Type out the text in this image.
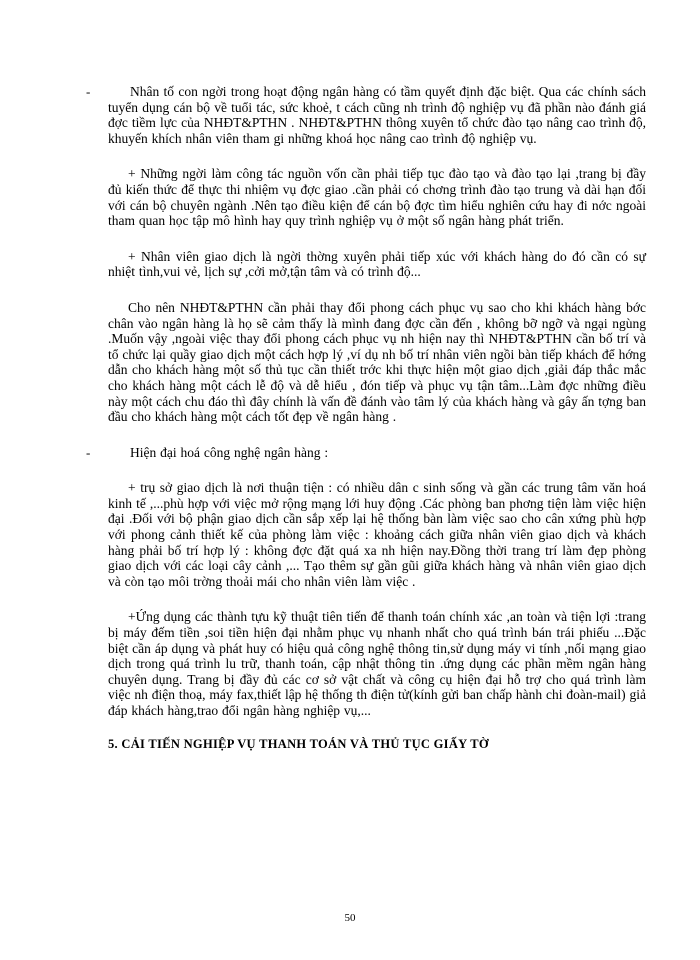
-	Nhân tố con ngời trong hoạt động ngân hàng có tầm quyết định đặc biệt. Qua các chính sách tuyển dụng cán bộ về tuổi tác, sức khoẻ, t cách cũng nh trình độ nghiệp vụ đã phần nào đánh giá đợc tiềm lực của NHĐT&PTHN . NHĐT&PTHN thông xuyên tổ chức đào tạo nâng cao trình độ, khuyến khích nhân viên tham gi những khoá học nâng cao trình độ nghiệp vụ.

+ Những ngời làm công tác nguồn vốn cần phải tiếp tục đào tạo và đào tạo lại ,trang bị đầy đủ kiến thức để thực thi nhiệm vụ đợc giao .cần phải có chơng trình đào tạo trung và dài hạn đối với cán bộ chuyên ngành .Nên tạo điều kiện để cán bộ đợc tìm hiểu nghiên cứu hay đi nớc ngoài tham quan học tập mô hình hay quy trình nghiệp vụ ở một số ngân hàng phát triển.

+ Nhân viên giao dịch là ngời thờng xuyên phải tiếp xúc với khách hàng do đó cần có sự nhiệt tình,vui vẻ, lịch sự ,cởi mở,tận tâm và có trình độ...

Cho nên NHĐT&PTHN cần phải thay đổi phong cách phục vụ sao cho khi khách hàng bớc chân vào ngân hàng là họ sẽ cảm thấy là mình đang đợc cần đến , không bỡ ngỡ và ngại ngùng .Muốn vậy ,ngoài việc thay đổi phong cách phục vụ nh hiện nay thì NHĐT&PTHN cần bố trí và tổ chức lại quầy giao dịch một cách hợp lý ,ví dụ nh bố trí nhân viên ngồi bàn tiếp khách để hớng dẫn cho khách hàng một số thủ tục cần thiết trớc khi thực hiện một giao dịch ,giải đáp thắc mắc cho khách hàng một cách lễ độ và dễ hiểu , đón tiếp và phục vụ tận tâm...Làm đợc những điều này một cách chu đáo thì đây chính là vấn đề đánh vào tâm lý của khách hàng và gây ấn tợng ban đầu cho khách hàng một cách tốt đẹp về ngân hàng .

-	Hiện đại hoá công nghệ ngân hàng :

+ trụ sở giao dịch là nơi thuận tiện : có nhiều dân c sinh sống và gần các trung tâm văn hoá kinh tế ,...phù hợp với việc mở rộng mạng lới huy động .Các phòng ban phơng tiện làm việc hiện đại .Đối với bộ phận giao dịch cần sắp xếp lại hệ thống bàn làm việc sao cho cân xứng phù hợp với phong cảnh thiết kế của phòng làm việc : khoảng cách giữa nhân viên giao dịch và khách hàng phải bố trí hợp lý : không đợc đặt quá xa nh hiện nay.Đồng thời trang trí làm đẹp phòng giao dịch với các loại cây cảnh ,... Tạo thêm sự gần gũi giữa khách hàng và nhân viên giao dịch và còn tạo môi trờng thoải mái cho nhân viên làm việc .

+Ứng dụng các thành tựu kỹ thuật tiên tiến để thanh toán chính xác ,an toàn và tiện lợi :trang bị máy đếm tiền ,soi tiền hiện đại nhằm phục vụ nhanh nhất cho quá trình bán trái phiếu ...Đặc biệt cần áp dụng và phát huy có hiệu quả công nghệ thông tin,sử dụng máy vi tính ,nối mạng giao dịch trong quá trình lu trữ, thanh toán, cập nhật thông tin .ứng dụng các phần mềm ngân hàng chuyên dụng. Trang bị đầy đủ các cơ sở vật chất và công cụ hiện đại hỗ trợ cho quá trình làm việc nh điện thoạ, máy fax,thiết lập hệ thống th điện tử(kính gửi ban chấp hành chi đoàn-mail) giả đáp khách hàng,trao đổi ngân hàng nghiệp vụ,...

5. CẢI TIẾN NGHIỆP VỤ THANH TOÁN VÀ THỦ TỤC GIẤY TỜ
50
